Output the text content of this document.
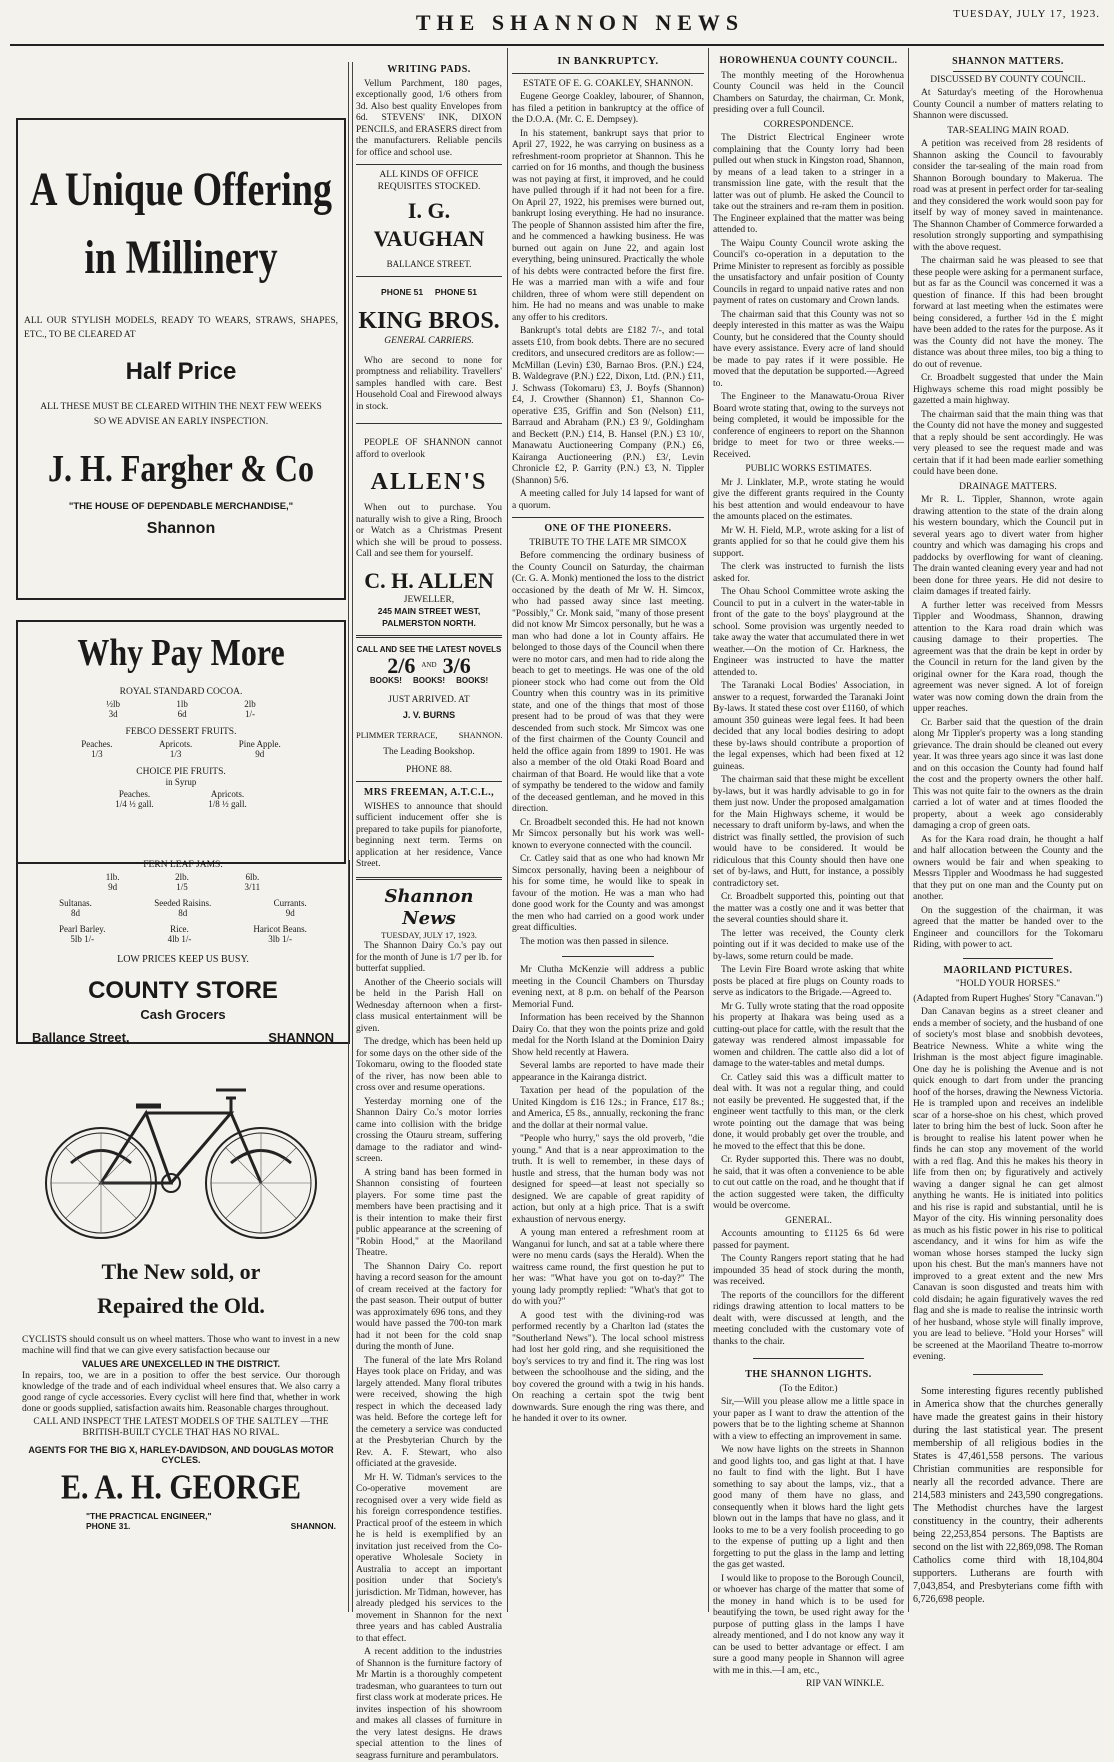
THE SHANNON NEWS	TUESDAY, JULY 17, 1923.
A Unique Offering
in Millinery
ALL OUR STYLISH MODELS, READY TO WEARS, STRAWS, SHAPES, ETC., TO BE CLEARED AT
Half Price
ALL THESE MUST BE CLEARED WITHIN THE NEXT FEW WEEKS SO WE ADVISE AN EARLY INSPECTION.
J. H. Fargher & Co
"THE HOUSE OF DEPENDABLE MERCHANDISE,"
Shannon
Why Pay More
ROYAL STANDARD COCOA.
½lb
3d
1lb
6d
2lb
1/-
FEBCO DESSERT FRUITS.
Peaches.
1/3
Apricots.
1/3
Pine Apple.
9d
CHOICE PIE FRUITS.
in Syrup
Peaches.
1/4 ½ gall.
Apricots.
1/8 ½ gall.
FERN LEAF JAMS.
1lb.
9d
2lb.
1/5
6lb.
3/11
Sultanas.
8d
Seeded Raisins.
8d
Currants.
9d
Pearl Barley.
5lb 1/-
Rice.
4lb 1/-
Haricot Beans.
3lb 1/-
LOW PRICES KEEP US BUSY.
COUNTY STORE
Cash Grocers
Ballance Street,	SHANNON
The New sold, or
Repaired the Old.
CYCLISTS should consult us on wheel matters. Those who want to invest in a new machine will find that we can give every satisfaction because our
VALUES ARE UNEXCELLED IN THE DISTRICT.
In repairs, too, we are in a position to offer the best service. Our thorough knowledge of the trade and of each individual wheel ensures that. We also carry a good range of cycle accessories. Every cyclist will here find that, whether in work done or goods supplied, satisfaction awaits him. Reasonable charges throughout.
CALL AND INSPECT THE LATEST MODELS OF THE SALTLEY —THE BRITISH-BUILT CYCLE THAT HAS NO RIVAL.
AGENTS FOR THE BIG X, HARLEY-DAVIDSON, AND DOUGLAS MOTOR CYCLES.
E. A. H. GEORGE
"THE PRACTICAL ENGINEER,"
PHONE 31.	SHANNON.
WRITING PADS.

Vellum Parchment, 180 pages, exceptionally good, 1/6 others from 3d. Also best quality Envelopes from 6d. STEVENS' INK, DIXON PENCILS, and ERASERS direct from the manufacturers. Reliable pencils for office and school use.

ALL KINDS OF OFFICE REQUISITES STOCKED.
I. G. VAUGHAN
BALLANCE STREET.
PHONE 51     PHONE 51
KING BROS.
GENERAL CARRIERS.

Who are second to none for promptness and reliability. Travellers' samples handled with care. Best Household Coal and Firewood always in stock.

PEOPLE OF SHANNON cannot afford to overlook

ALLEN'S

When out to purchase. You naturally wish to give a Ring, Brooch or Watch as a Christmas Present which she will be proud to possess. Call and see them for yourself.

C. H. ALLEN
JEWELLER,
245 MAIN STREET WEST, PALMERSTON NORTH.
CALL AND SEE THE LATEST NOVELS
2/6 AND 3/6
BOOKS!     BOOKS!     BOOKS!
JUST ARRIVED. AT
J. V. BURNS
PLIMMER TERRACE,          SHANNON.
The Leading Bookshop.
PHONE 88.
MRS FREEMAN, A.T.C.L.,

WISHES to announce that should sufficient inducement offer she is prepared to take pupils for pianoforte, beginning next term. Terms on application at her residence, Vance Street.

Shannon News
TUESDAY, JULY 17, 1923.

The Shannon Dairy Co.'s pay out for the month of June is 1/7 per lb. for butterfat supplied.

Another of the Cheerio socials will be held in the Parish Hall on Wednesday afternoon when a first-class musical entertainment will be given.

The dredge, which has been held up for some days on the other side of the Tokomaru, owing to the flooded state of the river, has now been able to cross over and resume operations.

Yesterday morning one of the Shannon Dairy Co.'s motor lorries came into collision with the bridge crossing the Otauru stream, suffering damage to the radiator and wind-screen.

A string band has been formed in Shannon consisting of fourteen players. For some time past the members have been practising and it is their intention to make their first public appearance at the screening of "Robin Hood," at the Maoriland Theatre.

The Shannon Dairy Co. report having a record season for the amount of cream received at the factory for the past season. Their output of butter was approximately 696 tons, and they would have passed the 700-ton mark had it not been for the cold snap during the month of June.

The funeral of the late Mrs Roland Hayes took place on Friday, and was largely attended. Many floral tributes were received, showing the high respect in which the deceased lady was held. Before the cortege left for the cemetery a service was conducted at the Presbyterian Church by the Rev. A. F. Stewart, who also officiated at the graveside.

Mr H. W. Tidman's services to the Co-operative movement are recognised over a very wide field as his foreign correspondence testifies. Practical proof of the esteem in which he is held is exemplified by an invitation just received from the Co-operative Wholesale Society in Australia to accept an important position under that Society's jurisdiction. Mr Tidman, however, has already pledged his services to the movement in Shannon for the next three years and has cabled Australia to that effect.

A recent addition to the industries of Shannon is the furniture factory of Mr Martin is a thoroughly competent tradesman, who guarantees to turn out first class work at moderate prices. He invites inspection of his showroom and makes all classes of furniture in the very latest designs. He draws special attention to the lines of seagrass furniture and perambulators.

IN BANKRUPTCY.
ESTATE OF E. G. COAKLEY, SHANNON.

Eugene George Coakley, labourer, of Shannon, has filed a petition in bankruptcy at the office of the D.O.A. (Mr. C. E. Dempsey).

In his statement, bankrupt says that prior to April 27, 1922, he was carrying on business as a refreshment-room proprietor at Shannon. This he carried on for 16 months, and though the business was not paying at first, it improved, and he could have pulled through if it had not been for a fire. On April 27, 1922, his premises were burned out, bankrupt losing everything. He had no insurance. The people of Shannon assisted him after the fire, and he commenced a hawking business. He was burned out again on June 22, and again lost everything, being uninsured. Practically the whole of his debts were contracted before the first fire. He was a married man with a wife and four children, three of whom were still dependent on him. He had no means and was unable to make any offer to his creditors.

Bankrupt's total debts are £182 7/-, and total assets £10, from book debts. There are no secured creditors, and unsecured creditors are as follow:—McMillan (Levin) £30, Barnao Bros. (P.N.) £24, B. Waldegrave (P.N.) £22, Dixon, Ltd. (P.N.) £11, J. Schwass (Tokomaru) £3, J. Boyfs (Shannon) £4, J. Crowther (Shannon) £1, Shannon Co-operative £35, Griffin and Son (Nelson) £11, Barraud and Abraham (P.N.) £3 9/, Goldingham and Beckett (P.N.) £14, B. Hansel (P.N.) £3 10/, Manawatu Auctioneering Company (P.N.) £6, Kairanga Auctioneering (P.N.) £3/, Levin Chronicle £2, P. Garrity (P.N.) £3, N. Tippler (Shannon) 5/6.

A meeting called for July 14 lapsed for want of a quorum.

ONE OF THE PIONEERS.
TRIBUTE TO THE LATE MR SIMCOX

Before commencing the ordinary business of the County Council on Saturday, the chairman (Cr. G. A. Monk) mentioned the loss to the district occasioned by the death of Mr W. H. Simcox, who had passed away since last meeting. "Possibly," Cr. Monk said, "many of those present did not know Mr Simcox personally, but he was a man who had done a lot in County affairs. He belonged to those days of the Council when there were no motor cars, and men had to ride along the beach to get to meetings. He was one of the old pioneer stock who had come out from the Old Country when this country was in its primitive state, and one of the things that most of those present had to be proud of was that they were descended from such stock. Mr Simcox was one of the first chairmen of the County Council and held the office again from 1899 to 1901. He was also a member of the old Otaki Road Board and chairman of that Board. He would like that a vote of sympathy be tendered to the widow and family of the deceased gentleman, and he moved in this direction.

Cr. Broadbelt seconded this. He had not known Mr Simcox personally but his work was well-known to everyone connected with the council.

Cr. Catley said that as one who had known Mr Simcox personally, having been a neighbour of his for some time, he would like to speak in favour of the motion. He was a man who had done good work for the County and was amongst the men who had carried on a good work under great difficulties.

The motion was then passed in silence.

Mr Clutha McKenzie will address a public meeting in the Council Chambers on Thursday evening next, at 8 p.m. on behalf of the Pearson Memorial Fund.

Information has been received by the Shannon Dairy Co. that they won the points prize and gold medal for the North Island at the Dominion Dairy Show held recently at Hawera.

Several lambs are reported to have made their appearance in the Kairanga district.

Taxation per head of the population of the United Kingdom is £16 12s.; in France, £17 8s.; and America, £5 8s., annually, reckoning the franc and the dollar at their normal value.

"People who hurry," says the old proverb, "die young." And that is a near approximation to the truth. It is well to remember, in these days of hustle and stress, that the human body was not designed for speed—at least not specially so designed. We are capable of great rapidity of action, but only at a high price. That is a swift exhaustion of nervous energy.

A young man entered a refreshment room at Wanganui for lunch, and sat at a table where there were no menu cards (says the Herald). When the waitress came round, the first question he put to her was: "What have you got on to-day?" The young lady promptly replied: "What's that got to do with you?"

A good test with the divining-rod was performed recently by a Charlton lad (states the "Southerland News"). The local school mistress had lost her gold ring, and she requisitioned the boy's services to try and find it. The ring was lost between the schoolhouse and the siding, and the boy covered the ground with a twig in his hands. On reaching a certain spot the twig bent downwards. Sure enough the ring was there, and he handed it over to its owner.

HOROWHENUA COUNTY COUNCIL.

The monthly meeting of the Horowhenua County Council was held in the Council Chambers on Saturday, the chairman, Cr. Monk, presiding over a full Council.

CORRESPONDENCE.

The District Electrical Engineer wrote complaining that the County lorry had been pulled out when stuck in Kingston road, Shannon, by means of a lead taken to a stringer in a transmission line gate, with the result that the latter was out of plumb. He asked the Council to take out the strainers and re-ram them in position. The Engineer explained that the matter was being attended to.

The Waipu County Council wrote asking the Council's co-operation in a deputation to the Prime Minister to represent as forcibly as possible the unsatisfactory and unfair position of County Councils in regard to unpaid native rates and non payment of rates on customary and Crown lands.

The chairman said that this County was not so deeply interested in this matter as was the Waipu County, but he considered that the County should have every assistance. Every acre of land should be made to pay rates if it were possible. He moved that the deputation be supported.—Agreed to.

The Engineer to the Manawatu-Oroua River Board wrote stating that, owing to the surveys not being completed, it would be impossible for the conference of engineers to report on the Shannon bridge to meet for two or three weeks.—Received.

PUBLIC WORKS ESTIMATES.

Mr J. Linklater, M.P., wrote stating he would give the different grants required in the County his best attention and would endeavour to have the amounts placed on the estimates.

Mr W. H. Field, M.P., wrote asking for a list of grants applied for so that he could give them his support.

The clerk was instructed to furnish the lists asked for.

The Ohau School Committee wrote asking the Council to put in a culvert in the water-table in front of the gate to the boys' playground at the school. Some provision was urgently needed to take away the water that accumulated there in wet weather.—On the motion of Cr. Harkness, the Engineer was instructed to have the matter attended to.

The Taranaki Local Bodies' Association, in answer to a request, forwarded the Taranaki Joint By-laws. It stated these cost over £1160, of which amount 350 guineas were legal fees. It had been decided that any local bodies desiring to adopt these by-laws should contribute a proportion of the legal expenses, which had been fixed at 12 guineas.

The chairman said that these might be excellent by-laws, but it was hardly advisable to go in for them just now. Under the proposed amalgamation for the Main Highways scheme, it would be necessary to draft uniform by-laws, and when the district was finally settled, the provision of such would have to be considered. It would be ridiculous that this County should then have one set of by-laws, and Hutt, for instance, a possibly contradictory set.

Cr. Broadbelt supported this, pointing out that the matter was a costly one and it was better that the several counties should share it.

The letter was received, the County clerk pointing out if it was decided to make use of the by-laws, some return could be made.

The Levin Fire Board wrote asking that white posts be placed at fire plugs on County roads to serve as indicators to the Brigade.—Agreed to.

Mr G. Tully wrote stating that the road opposite his property at Ihakara was being used as a cutting-out place for cattle, with the result that the gateway was rendered almost impassable for women and children. The cattle also did a lot of damage to the water-tables and metal dumps.

Cr. Catley said this was a difficult matter to deal with. It was not a regular thing, and could not easily be prevented. He suggested that, if the engineer went tactfully to this man, or the clerk wrote pointing out the damage that was being done, it would probably get over the trouble, and he moved to the effect that this be done.

Cr. Ryder supported this. There was no doubt, he said, that it was often a convenience to be able to cut out cattle on the road, and he thought that if the action suggested were taken, the difficulty would be overcome.

GENERAL.

Accounts amounting to £1125 6s 6d were passed for payment.

The County Rangers report stating that he had impounded 35 head of stock during the month, was received.

The reports of the councillors for the different ridings drawing attention to local matters to be dealt with, were discussed at length, and the meeting concluded with the customary vote of thanks to the chair.

THE SHANNON LIGHTS.
(To the Editor.)

Sir,—Will you please allow me a little space in your paper as I want to draw the attention of the powers that be to the lighting scheme at Shannon with a view to effecting an improvement in same.

We now have lights on the streets in Shannon and good lights too, and gas light at that. I have no fault to find with the light. But I have something to say about the lamps, viz., that a good many of them have no glass, and consequently when it blows hard the light gets blown out in the lamps that have no glass, and it looks to me to be a very foolish proceeding to go to the expense of putting up a light and then forgetting to put the glass in the lamp and letting the gas get wasted.

I would like to propose to the Borough Council, or whoever has charge of the matter that some of the money in hand which is to be used for beautifying the town, be used right away for the purpose of putting glass in the lamps I have already mentioned, and I do not know any way it can be used to better advantage or effect. I am sure a good many people in Shannon will agree with me in this.—I am, etc.,

RIP VAN WINKLE.
SHANNON MATTERS.
DISCUSSED BY COUNTY COUNCIL.

At Saturday's meeting of the Horowhenua County Council a number of matters relating to Shannon were discussed.

TAR-SEALING MAIN ROAD.

A petition was received from 28 residents of Shannon asking the Council to favourably consider the tar-sealing of the main road from Shannon Borough boundary to Makerua. The road was at present in perfect order for tar-sealing and they considered the work would soon pay for itself by way of money saved in maintenance. The Shannon Chamber of Commerce forwarded a resolution strongly supporting and sympathising with the above request.

The chairman said he was pleased to see that these people were asking for a permanent surface, but as far as the Council was concerned it was a question of finance. If this had been brought forward at last meeting when the estimates were being considered, a further ½d in the £ might have been added to the rates for the purpose. As it was the County did not have the money. The distance was about three miles, too big a thing to do out of revenue.

Cr. Broadbelt suggested that under the Main Highways scheme this road might possibly be gazetted a main highway.

The chairman said that the main thing was that the County did not have the money and suggested that a reply should be sent accordingly. He was very pleased to see the request made and was certain that if it had been made earlier something could have been done.

DRAINAGE MATTERS.

Mr R. L. Tippler, Shannon, wrote again drawing attention to the state of the drain along his western boundary, which the Council put in several years ago to divert water from higher country and which was damaging his crops and paddocks by overflowing for want of cleaning. The drain wanted cleaning every year and had not been done for three years. He did not desire to claim damages if treated fairly.

A further letter was received from Messrs Tippler and Woodmass, Shannon, drawing attention to the Kara road drain which was causing damage to their properties. The agreement was that the drain be kept in order by the Council in return for the land given by the original owner for the Kara road, though the agreement was never signed. A lot of foreign water was now coming down the drain from the upper reaches.

Cr. Barber said that the question of the drain along Mr Tippler's property was a long standing grievance. The drain should be cleaned out every year. It was three years ago since it was last done and on this occasion the County had found half the cost and the property owners the other half. This was not quite fair to the owners as the drain carried a lot of water and at times flooded the property, about a week ago considerably damaging a crop of green oats.

As for the Kara road drain, he thought a half and half allocation between the County and the owners would be fair and when speaking to Messrs Tippler and Woodmass he had suggested that they put on one man and the County put on another.

On the suggestion of the chairman, it was agreed that the matter be handed over to the Engineer and councillors for the Tokomaru Riding, with power to act.

MAORILAND PICTURES.
"HOLD YOUR HORSES."
(Adapted from Rupert Hughes' Story "Canavan.")

Dan Canavan begins as a street cleaner and ends a member of society, and the husband of one of society's most blase and snobbish devotees, Beatrice Newness. White a white wing the Irishman is the most abject figure imaginable. One day he is polishing the Avenue and is not quick enough to dart from under the prancing hoof of the horses, drawing the Newness Victoria. He is trampled upon and receives an indelible scar of a horse-shoe on his chest, which proved later to bring him the best of luck. Soon after he is brought to realise his latent power when he finds he can stop any movement of the world with a red flag. And this he makes his theory in life from then on; by figuratively and actively waving a danger signal he can get almost anything he wants. He is initiated into politics and his rise is rapid and substantial, until he is Mayor of the city. His winning personality does as much as his fistic power in his rise to political ascendancy, and it wins for him as wife the woman whose horses stamped the lucky sign upon his chest. But the man's manners have not improved to a great extent and the new Mrs Canavan is soon disgusted and treats him with cold disdain; he again figuratively waves the red flag and she is made to realise the intrinsic worth of her husband, whose style will finally improve, you are lead to believe. "Hold your Horses" will be screened at the Maoriland Theatre to-morrow evening.

Some interesting figures recently published in America show that the churches generally have made the greatest gains in their history during the last statistical year. The present membership of all religious bodies in the States is 47,461,558 persons. The various Christian communities are responsible for nearly all the recorded advance. There are 214,583 ministers and 243,590 congregations. The Methodist churches have the largest constituency in the country, their adherents being 22,253,854 persons. The Baptists are second on the list with 22,869,098. The Roman Catholics come third with 18,104,804 supporters. Lutherans are fourth with 7,043,854, and Presbyterians come fifth with 6,726,698 people.
